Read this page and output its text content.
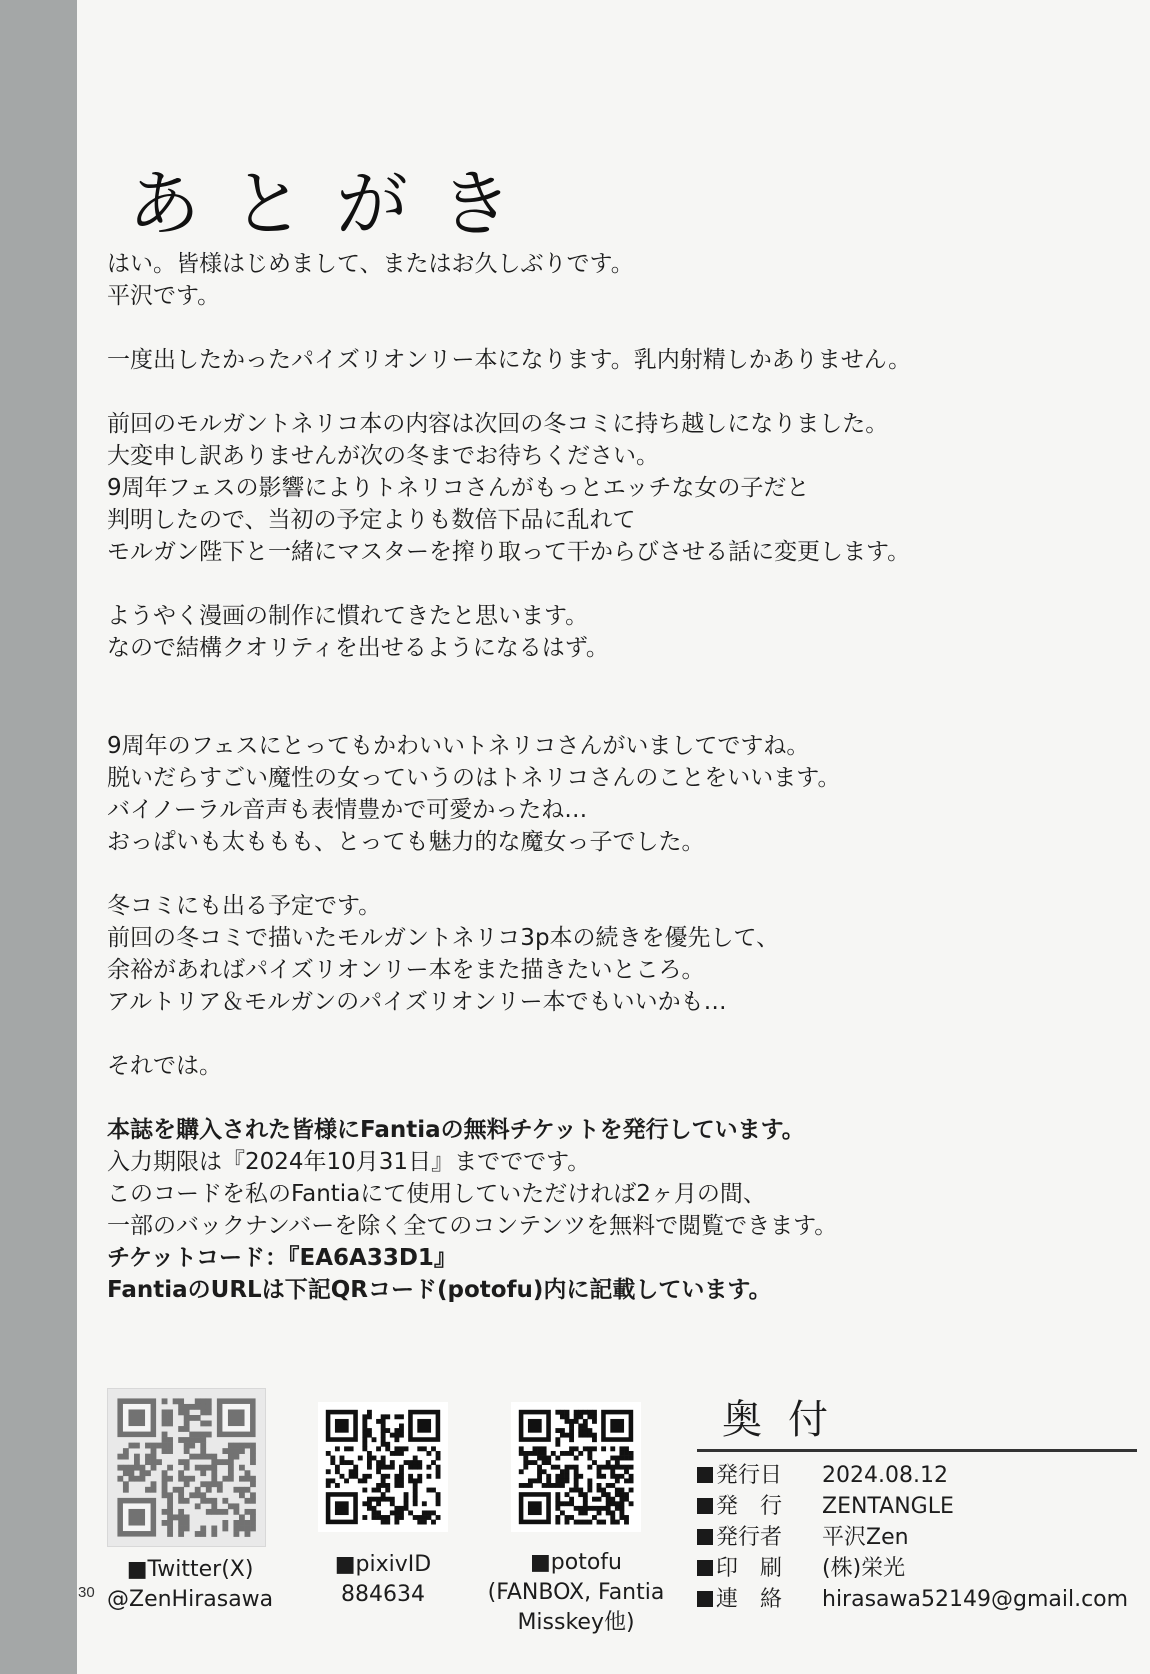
あとがき
はい。皆様はじめまして、またはお久しぶりです。
平沢です。
一度出したかったパイズリオンリー本になります。乳内射精しかありません。
前回のモルガントネリコ本の内容は次回の冬コミに持ち越しになりました。
大変申し訳ありませんが次の冬までお待ちください。
9周年フェスの影響によりトネリコさんがもっとエッチな女の子だと
判明したので、当初の予定よりも数倍下品に乱れて
モルガン陛下と一緒にマスターを搾り取って干からびさせる話に変更します。
ようやく漫画の制作に慣れてきたと思います。
なので結構クオリティを出せるようになるはず。
9周年のフェスにとってもかわいいトネリコさんがいましてですね。
脱いだらすごい魔性の女っていうのはトネリコさんのことをいいます。
バイノーラル音声も表情豊かで可愛かったね…
おっぱいも太ももも、とっても魅力的な魔女っ子でした。
冬コミにも出る予定です。
前回の冬コミで描いたモルガントネリコ3p本の続きを優先して、
余裕があればパイズリオンリー本をまた描きたいところ。
アルトリア＆モルガンのパイズリオンリー本でもいいかも…
それでは。
本誌を購入された皆様にFantiaの無料チケットを発行しています。
入力期限は『2024年10月31日』まででです。
このコードを私のFantiaにて使用していただければ2ヶ月の間、
一部のバックナンバーを除く全てのコンテンツを無料で閲覧できます。
チケットコード：『EA6A33D1』
FantiaのURLは下記QRコード(potofu)内に記載しています。
■Twitter(X)
@ZenHirasawa
■pixivID
884634
■potofu
(FANBOX, Fantia
Misskey他)
奥付
発行日	2024.08.12
発　行	ZENTANGLE
発行者	平沢Zen
印　刷	(株)栄光
連　絡	hirasawa52149@gmail.com
30
